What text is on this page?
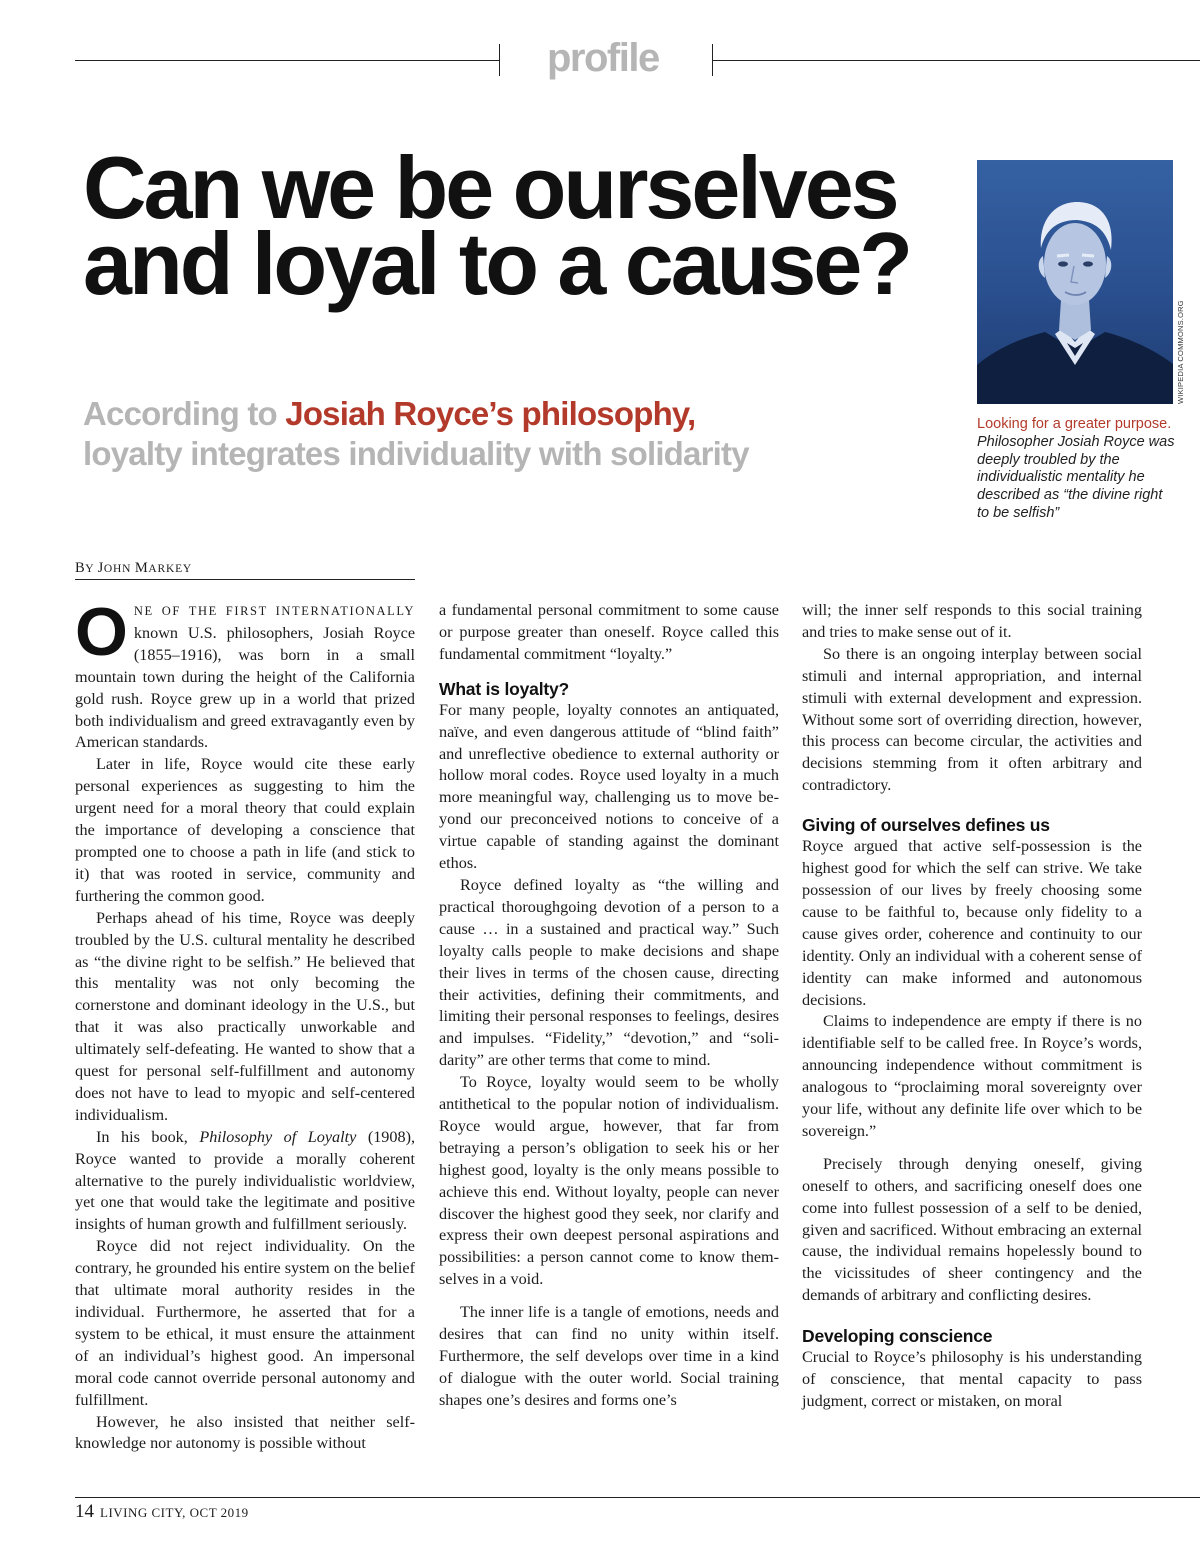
profile
Can we be ourselves and loyal to a cause?
According to Josiah Royce’s philosophy,
loyalty integrates individuality with solidarity
WIKIPEDIA COMMONS.ORG
Looking for a greater purpose. Philosopher Josiah Royce was deeply troubled by the individualistic mentality he described as “the divine right to be selfish”
BY JOHN MARKEY

ONE OF THE FIRST INTERNATIONALLY known U.S. philosophers, Josiah Royce (1855–1916), was born in a small mountain town during the height of the California gold rush. Royce grew up in a world that prized both individualism and greed extravagantly even by American standards.

Later in life, Royce would cite these early personal experiences as suggesting to him the urgent need for a moral theory that could explain the importance of developing a conscience that prompted one to choose a path in life (and stick to it) that was rooted in service, community and furthering the common good.

Perhaps ahead of his time, Royce was deeply troubled by the U.S. cultural mentality he described as “the divine right to be selfish.” He believed that this mentality was not only becoming the cornerstone and dominant ideology in the U.S., but that it was also practically unworkable and ultimately self-defeating. He wanted to show that a quest for personal self-fulfillment and autonomy does not have to lead to myopic and self-centered individualism.

In his book, Philosophy of Loyalty (1908), Royce wanted to provide a morally coherent alternative to the purely individualistic worldview, yet one that would take the legitimate and positive insights of human growth and fulfillment seriously.

Royce did not reject individuality. On the contrary, he grounded his entire system on the belief that ultimate moral authority resides in the individual. Furthermore, he asserted that for a system to be ethical, it must ensure the attainment of an individual’s highest good. An impersonal moral code cannot override personal autonomy and fulfillment.

However, he also insisted that neither self-knowledge nor autonomy is possible without

a fundamental personal commitment to some cause or purpose greater than oneself. Royce called this fundamental commitment “loyalty.”

What is loyalty?

For many people, loyalty connotes an antiquated, naïve, and even dangerous attitude of “blind faith” and unreflective obedience to external authority or hollow moral codes. Royce used loyalty in a much more meaningful way, challenging us to move beyond our preconceived notions to conceive of a virtue capable of standing against the dominant ethos.

Royce defined loyalty as “the willing and practical thoroughgoing devotion of a person to a cause … in a sustained and practical way.” Such loyalty calls people to make decisions and shape their lives in terms of the chosen cause, directing their activities, defining their commitments, and limiting their personal responses to feelings, desires and impulses. “Fidelity,” “devotion,” and “solidarity” are other terms that come to mind.

To Royce, loyalty would seem to be wholly antithetical to the popular notion of individualism. Royce would argue, however, that far from betraying a person’s obligation to seek his or her highest good, loyalty is the only means possible to achieve this end. Without loyalty, people can never discover the highest good they seek, nor clarify and express their own deepest personal aspirations and possibilities: a person cannot come to know themselves in a void.

The inner life is a tangle of emotions, needs and desires that can find no unity within itself. Furthermore, the self develops over time in a kind of dialogue with the outer world. Social training shapes one’s desires and forms one’s

will; the inner self responds to this social training and tries to make sense out of it.

So there is an ongoing interplay between social stimuli and internal appropriation, and internal stimuli with external development and expression. Without some sort of overriding direction, however, this process can become circular, the activities and decisions stemming from it often arbitrary and contradictory.

Giving of ourselves defines us

Royce argued that active self-possession is the highest good for which the self can strive. We take possession of our lives by freely choosing some cause to be faithful to, because only fidelity to a cause gives order, coherence and continuity to our identity. Only an individual with a coherent sense of identity can make informed and autonomous decisions.

Claims to independence are empty if there is no identifiable self to be called free. In Royce’s words, announcing independence without commitment is analogous to “proclaiming moral sovereignty over your life, without any definite life over which to be sovereign.”

Precisely through denying oneself, giving oneself to others, and sacrificing oneself does one come into fullest possession of a self to be denied, given and sacrificed. Without embracing an external cause, the individual remains hopelessly bound to the vicissitudes of sheer contingency and the demands of arbitrary and conflicting desires.

Developing conscience

Crucial to Royce’s philosophy is his understanding of conscience, that mental capacity to pass judgment, correct or mistaken, on moral

14 LIVING CITY, OCT 2019
